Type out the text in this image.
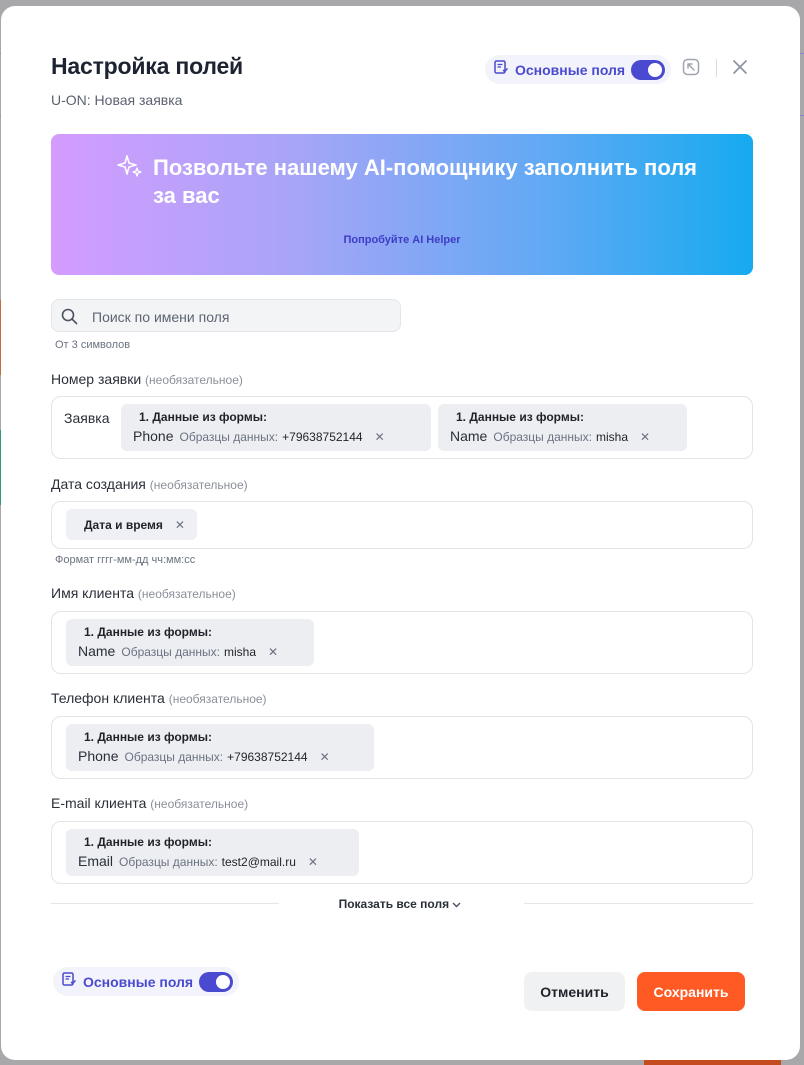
Настройка полей
U-ON: Новая заявка
Основные поля
Позвольте нашему AI-помощнику заполнить поля за вас
Попробуйте AI Helper
Поиск по имени поля
От 3 символов
Номер заявки (необязательное)
Заявка 1. Данные из формы:
Phone Образцы данных: +79638752144 ✕
1. Данные из формы:
Name Образцы данных: misha ✕
Дата создания (необязательное)
Дата и время ✕
Формат гггг-мм-дд чч:мм:сс
Имя клиента (необязательное)
1. Данные из формы:
Name Образцы данных: misha ✕
Телефон клиента (необязательное)
1. Данные из формы:
Phone Образцы данных: +79638752144 ✕
E-mail клиента (необязательное)
1. Данные из формы:
Email Образцы данных: test2@mail.ru ✕
Показать все поля
Основные поля
Отменить	Сохранить
